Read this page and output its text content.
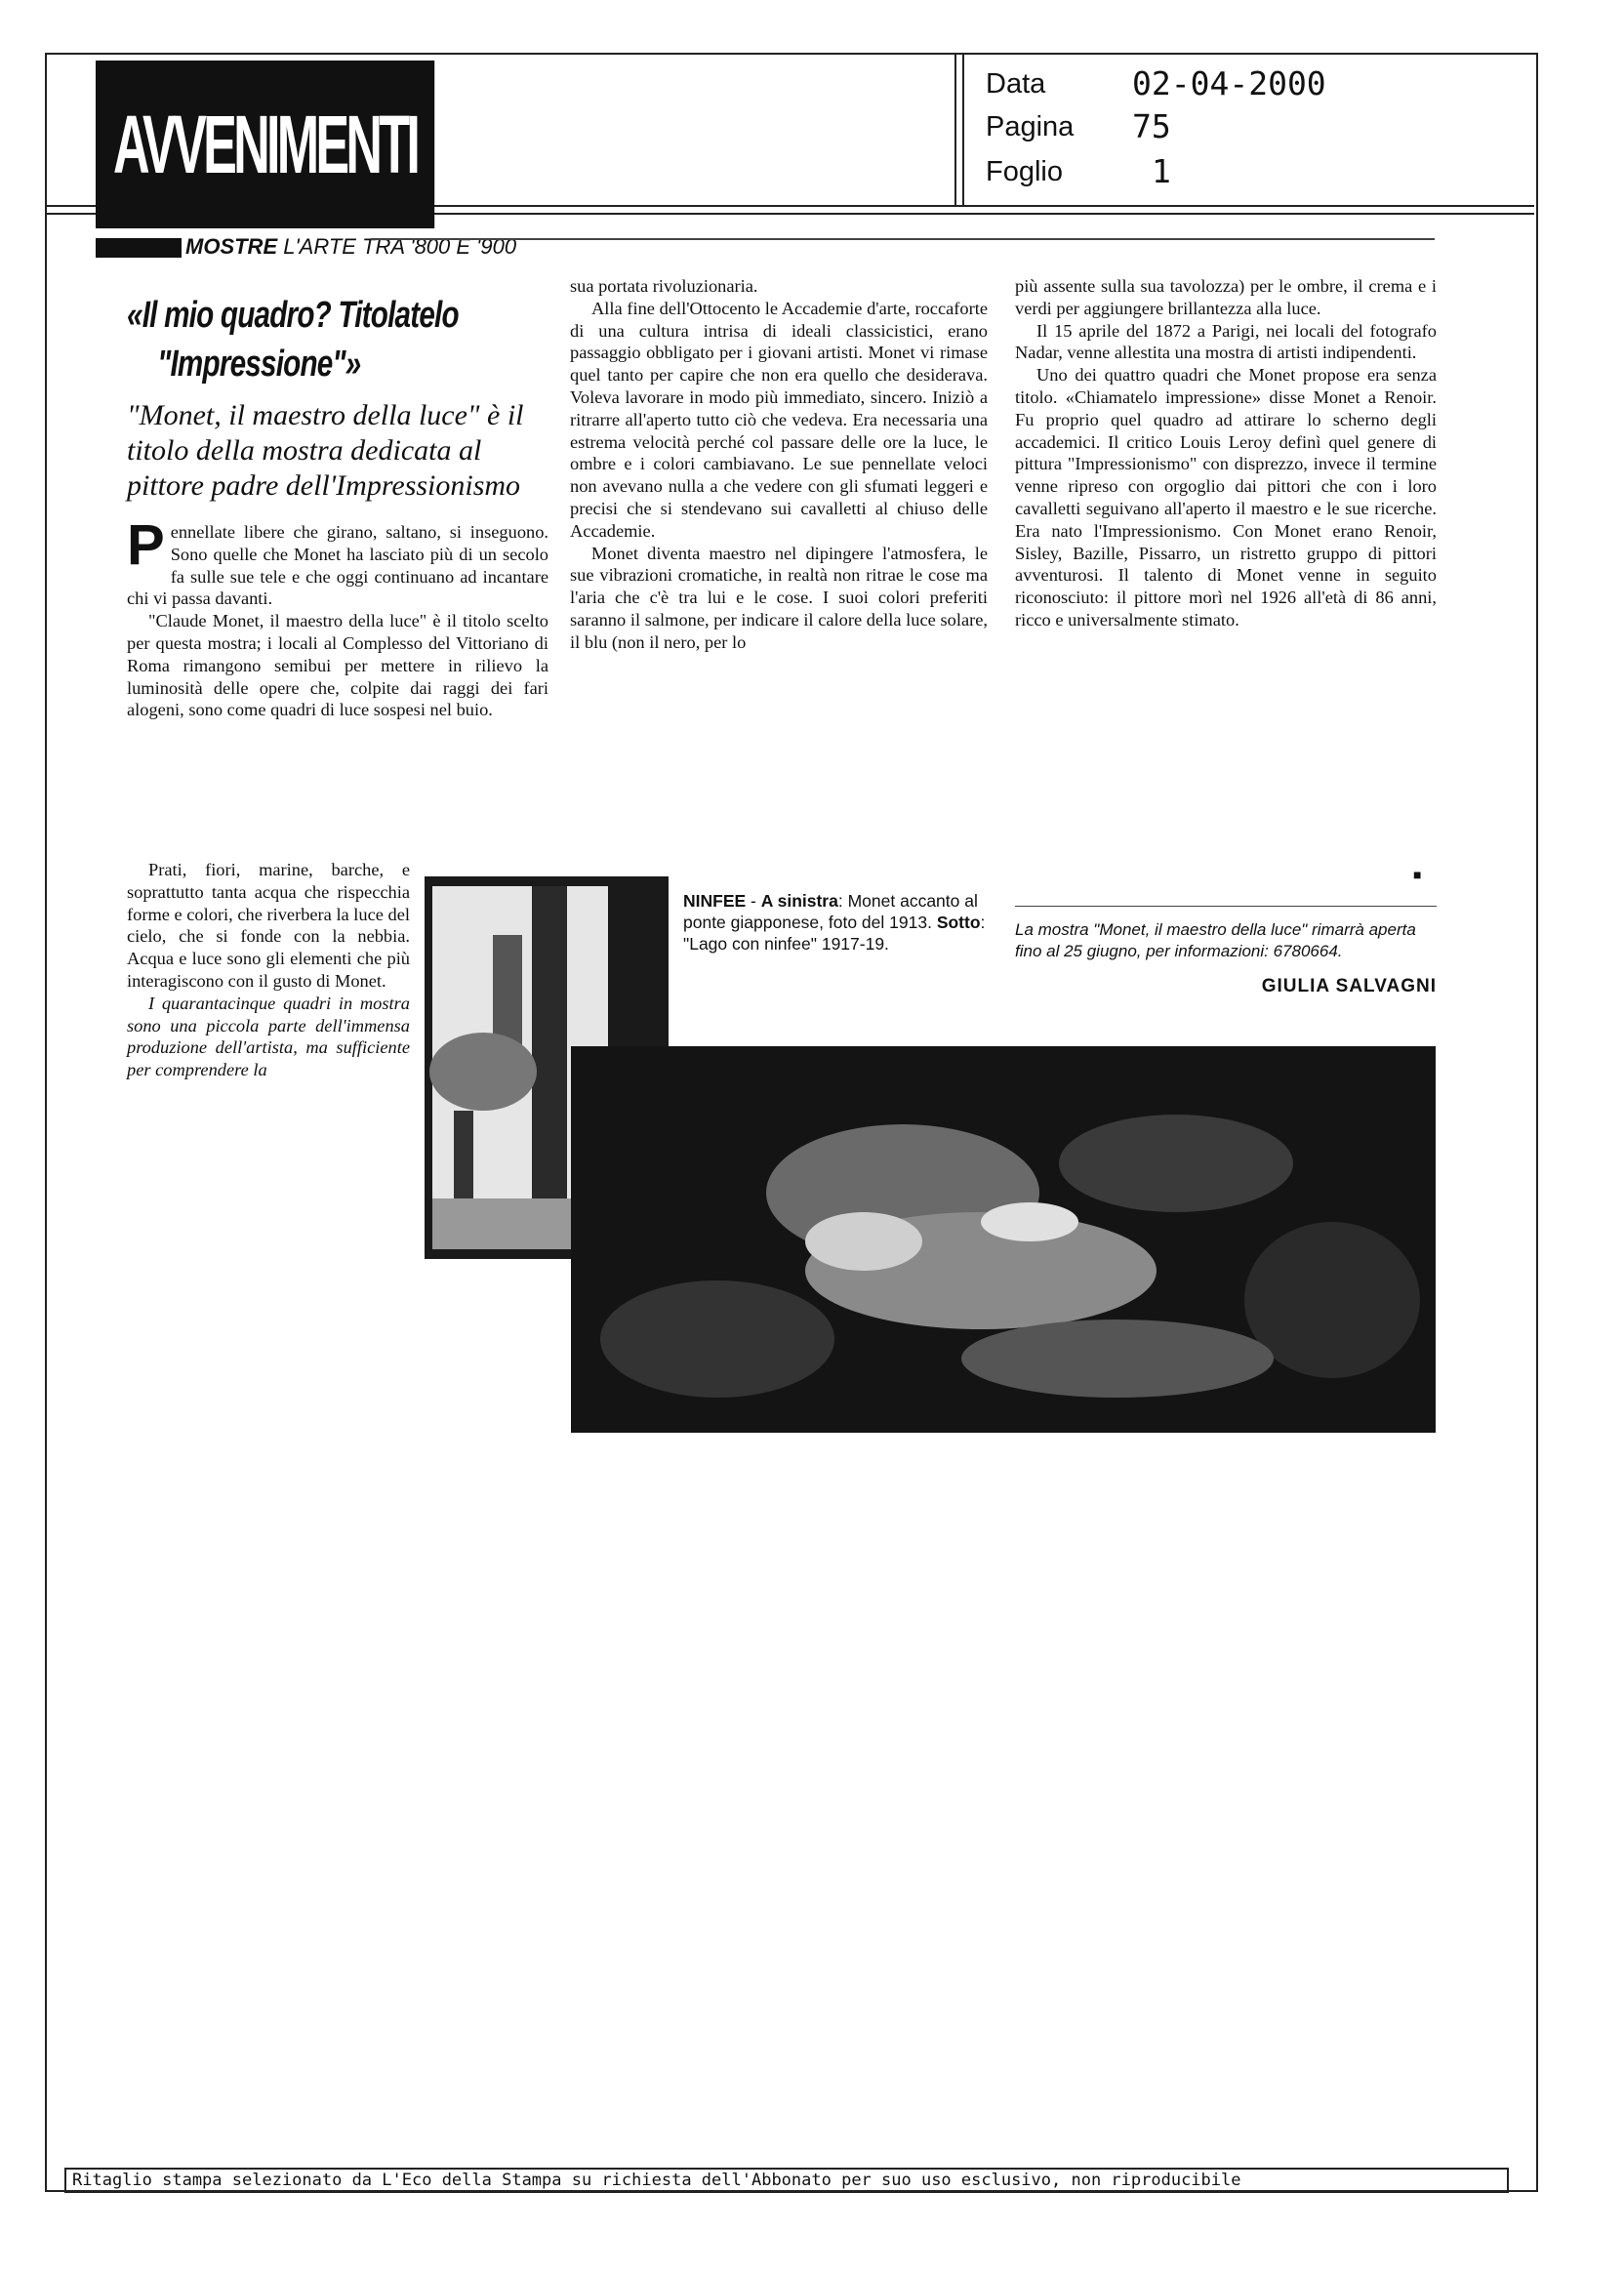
AVVENIMENTI
Data	02-04-2000
Pagina 75
Foglio	1
MOSTRE L'ARTE TRA '800 E '900
«Il mio quadro? Titolatelo
"Impressione"»
"Monet, il maestro della luce" è il titolo della mostra dedicata al pittore padre dell'Impressionismo

Pennellate libere che girano, saltano, si inseguono. Sono quelle che Monet ha lasciato più di un secolo fa sulle sue tele e che oggi continuano ad incantare chi vi passa davanti.

"Claude Monet, il maestro della luce" è il titolo scelto per questa mostra; i locali al Complesso del Vittoriano di Roma rimangono semibui per mettere in rilievo la luminosità delle opere che, colpite dai raggi dei fari alogeni, sono come quadri di luce sospesi nel buio.

Prati, fiori, marine, barche, e soprattutto tanta acqua che rispecchia forme e colori, che riverbera la luce del cielo, che si fonde con la nebbia. Acqua e luce sono gli elementi che più interagiscono con il gusto di Monet.

I quarantacinque quadri in mostra sono una piccola parte dell'immensa produzione dell'artista, ma sufficiente per comprendere la

sua portata rivoluzionaria.

Alla fine dell'Ottocento le Accademie d'arte, roccaforte di una cultura intrisa di ideali classicistici, erano passaggio obbligato per i giovani artisti. Monet vi rimase quel tanto per capire che non era quello che desiderava. Voleva lavorare in modo più immediato, sincero. Iniziò a ritrarre all'aperto tutto ciò che vedeva. Era necessaria una estrema velocità perché col passare delle ore la luce, le ombre e i colori cambiavano. Le sue pennellate veloci non avevano nulla a che vedere con gli sfumati leggeri e precisi che si stendevano sui cavalletti al chiuso delle Accademie.

Monet diventa maestro nel dipingere l'atmosfera, le sue vibrazioni cromatiche, in realtà non ritrae le cose ma l'aria che c'è tra lui e le cose. I suoi colori preferiti saranno il salmone, per indicare il calore della luce solare, il blu (non il nero, per lo

più assente sulla sua tavolozza) per le ombre, il crema e i verdi per aggiungere brillantezza alla luce.

Il 15 aprile del 1872 a Parigi, nei locali del fotografo Nadar, venne allestita una mostra di artisti indipendenti.

Uno dei quattro quadri che Monet propose era senza titolo. «Chiamatelo impressione» disse Monet a Renoir. Fu proprio quel quadro ad attirare lo scherno degli accademici. Il critico Louis Leroy definì quel genere di pittura "Impressionismo" con disprezzo, invece il termine venne ripreso con orgoglio dai pittori che con i loro cavalletti seguivano all'aperto il maestro e le sue ricerche. Era nato l'Impressionismo. Con Monet erano Renoir, Sisley, Bazille, Pissarro, un ristretto gruppo di pittori avventurosi. Il talento di Monet venne in seguito riconosciuto: il pittore morì nel 1926 all'età di 86 anni, ricco e universalmente stimato.

■
NINFEE - A sinistra: Monet accanto al ponte giapponese, foto del 1913. Sotto: "Lago con ninfee" 1917-19.
La mostra "Monet, il maestro della luce" rimarrà aperta fino al 25 giugno, per informazioni: 6780664.
GIULIA SALVAGNI
Ritaglio stampa selezionato da L'Eco della Stampa su richiesta dell'Abbonato per suo uso esclusivo, non riproducibile
